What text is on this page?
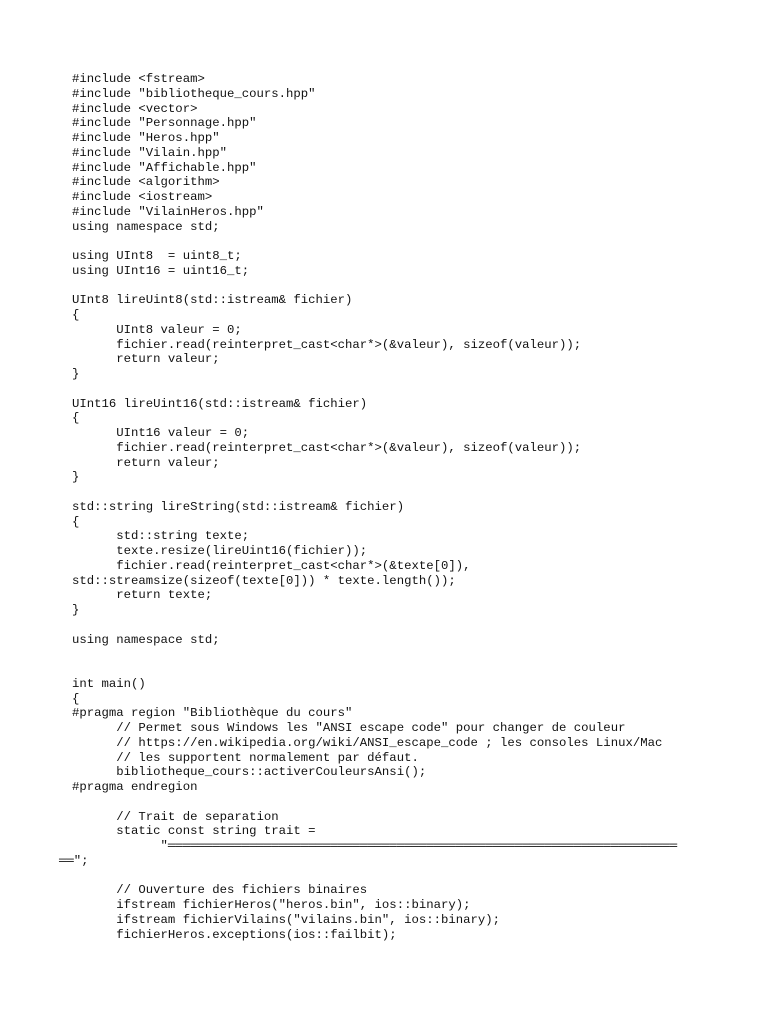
#include <fstream>
#include "bibliotheque_cours.hpp"
#include <vector>
#include "Personnage.hpp"
#include "Heros.hpp"
#include "Vilain.hpp"
#include "Affichable.hpp"
#include <algorithm>
#include <iostream>
#include "VilainHeros.hpp"
using namespace std;
using UInt8  = uint8_t;
using UInt16 = uint16_t;
UInt8 lireUint8(std::istream& fichier)
{
UInt8 valeur = 0;
fichier.read(reinterpret_cast<char*>(&valeur), sizeof(valeur));
return valeur;
}
UInt16 lireUint16(std::istream& fichier)
{
UInt16 valeur = 0;
fichier.read(reinterpret_cast<char*>(&valeur), sizeof(valeur));
return valeur;
}
std::string lireString(std::istream& fichier)
{
std::string texte;
texte.resize(lireUint16(fichier));
fichier.read(reinterpret_cast<char*>(&texte[0]),
std::streamsize(sizeof(texte[0])) * texte.length());
return texte;
}
using namespace std;
int main()
{
#pragma region "Bibliothèque du cours"
// Permet sous Windows les "ANSI escape code" pour changer de couleur
// https://en.wikipedia.org/wiki/ANSI_escape_code ; les consoles Linux/Mac
// les supportent normalement par défaut.
bibliotheque_cours::activerCouleursAnsi();
#pragma endregion
// Trait de separation
static const string trait =
"═════════════════════════════════════════════════════════════════════
══";
// Ouverture des fichiers binaires
ifstream fichierHeros("heros.bin", ios::binary);
ifstream fichierVilains("vilains.bin", ios::binary);
fichierHeros.exceptions(ios::failbit);
